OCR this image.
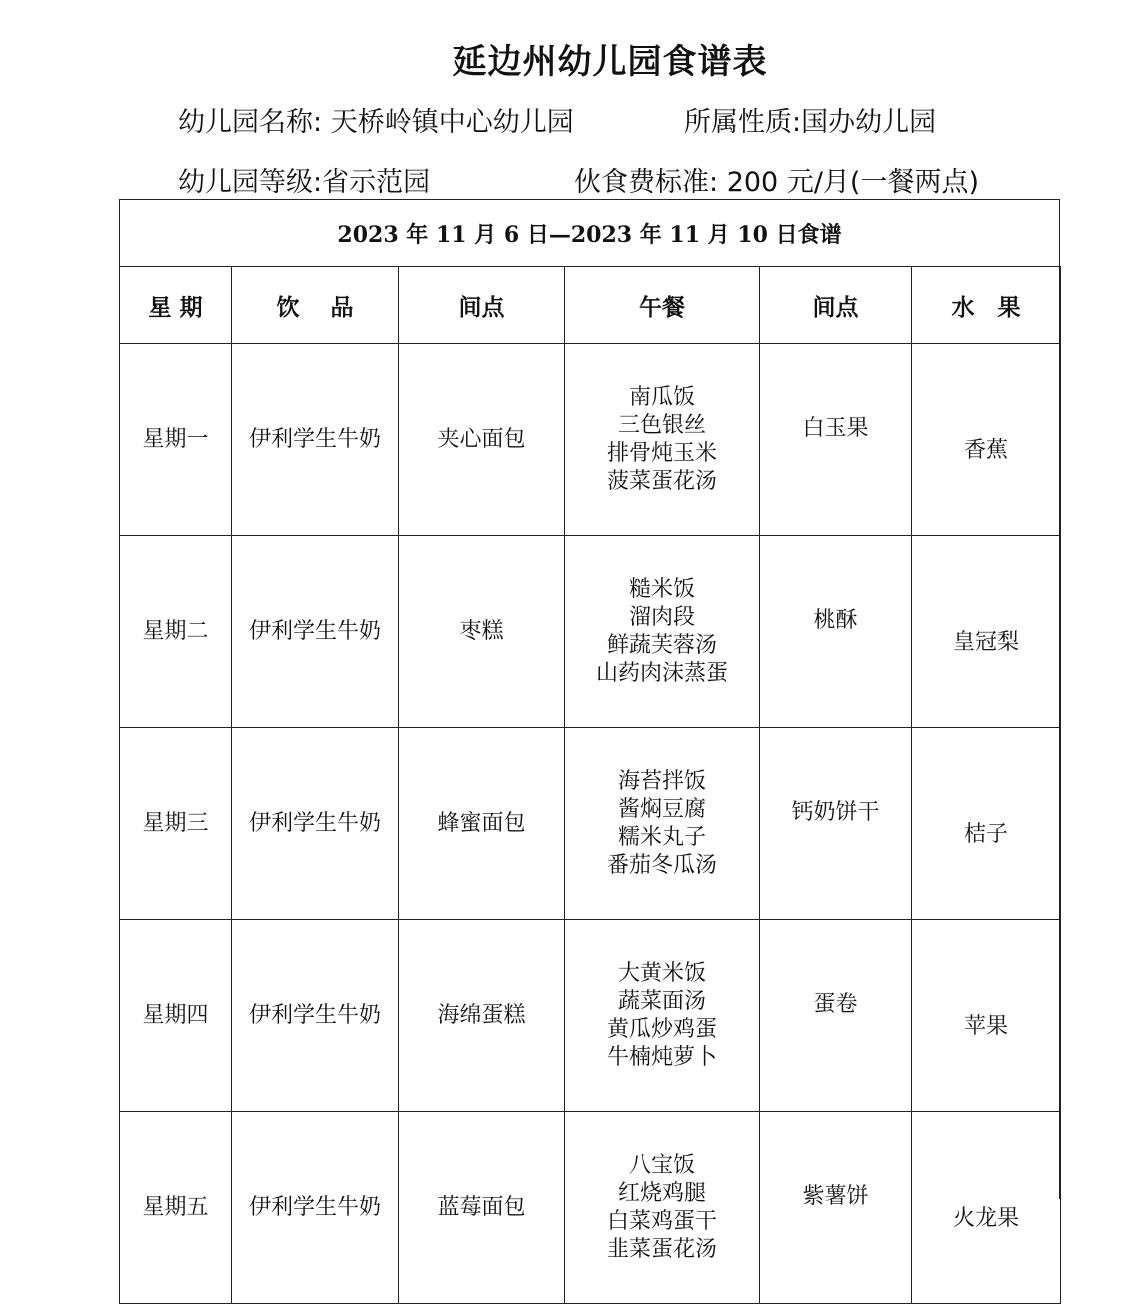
延边州幼儿园食谱表
幼儿园名称: 天桥岭镇中心幼儿园	所属性质:国办幼儿园
幼儿园等级:省示范园	伙食费标准: 200 元/月(一餐两点)
2023 年 11 月 6 日—2023 年 11 月 10 日食谱
星 期	饮　 品	间点	午餐	间点	水　果
星期一	伊利学生牛奶	夹心面包	南瓜饭
三色银丝
排骨炖玉米
菠菜蛋花汤	白玉果	香蕉
星期二	伊利学生牛奶	枣糕	糙米饭
溜肉段
鲜蔬芙蓉汤
山药肉沫蒸蛋	桃酥	皇冠梨
星期三	伊利学生牛奶	蜂蜜面包	海苔拌饭
酱焖豆腐
糯米丸子
番茄冬瓜汤	钙奶饼干	桔子
星期四	伊利学生牛奶	海绵蛋糕	大黄米饭
蔬菜面汤
黄瓜炒鸡蛋
牛楠炖萝卜	蛋卷	苹果
星期五	伊利学生牛奶	蓝莓面包	八宝饭
红烧鸡腿
白菜鸡蛋干
韭菜蛋花汤	紫薯饼	火龙果
